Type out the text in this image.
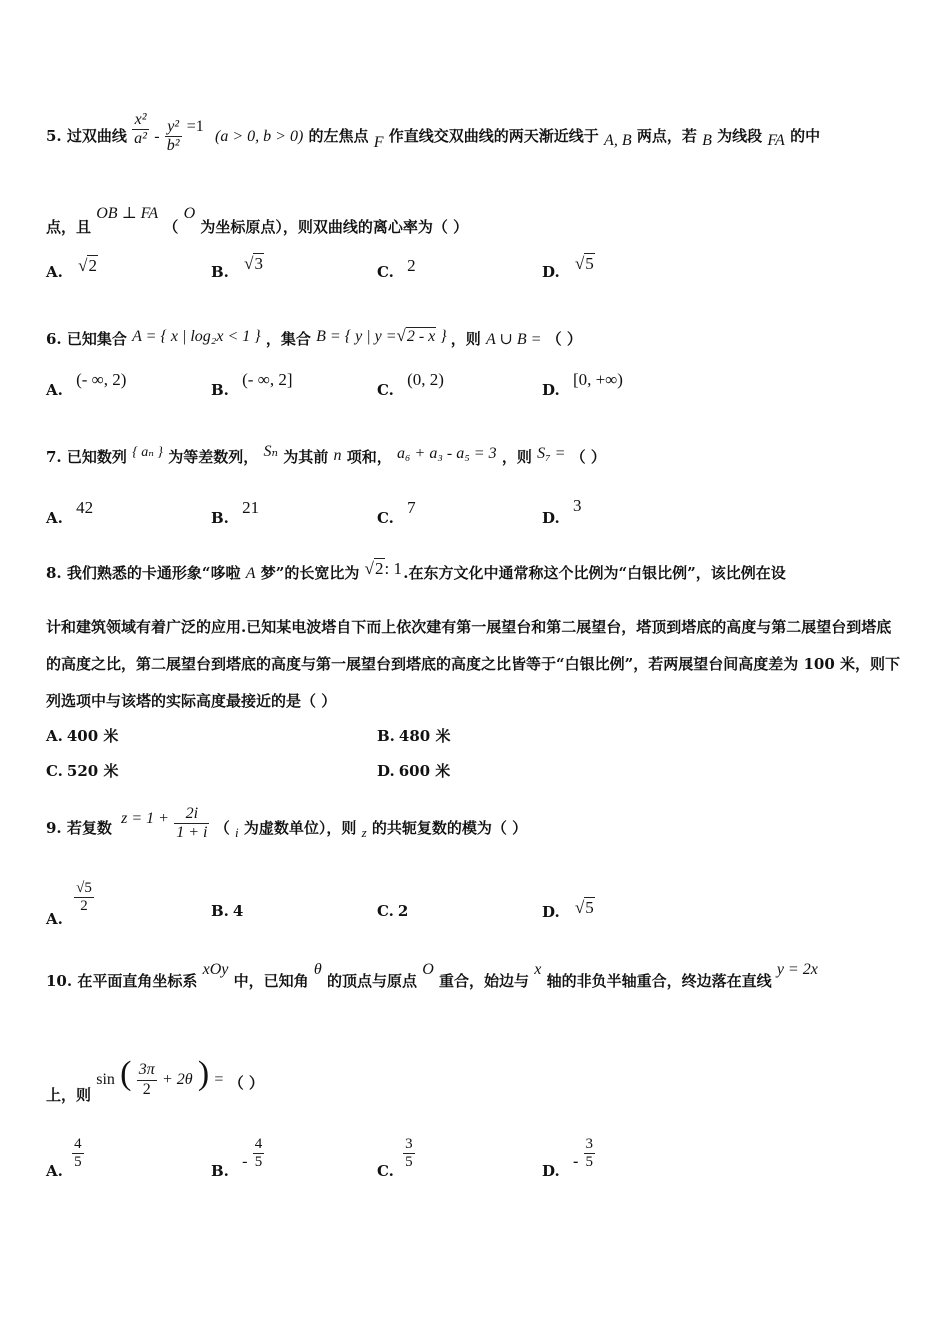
5. 过双曲线 $\frac{\text{x²}}{\text{a²}} - \frac{\text{y²}}{\text{b²}} =1$ (a > 0, b > 0) 的左焦点 F 作直线交双曲线的两天渐近线于 A, B 两点，若 B 为线段 FA 的中
点，且 OB ⊥ FA （ O 为坐标原点），则双曲线的离心率为（ ）
A. √2	B. √3	C. 2	D. √5
6. 已知集合 A = { x | log₂x < 1 } ，集合 B = { y | y =√2 - x } ，则 A ∪ B = （ ）
A. (- ∞, 2)
B. (- ∞, 2]
C. (0, 2)
D. [0, +∞)
7. 已知数列 { aₙ } 为等差数列， Sₙ 为其前 n 项和， a₆ + a₃ - a₅ = 3 ，则 S₇ = （ ）
A. 42
B. 21
C. 7
D. 3
8. 我们熟悉的卡通形象“哆啦 A 梦”的长宽比为 √2: 1 .在东方文化中通常称这个比例为“白银比例”，该比例在设
计和建筑领域有着广泛的应用.已知某电波塔自下而上依次建有第一展望台和第二展望台，塔顶到塔底的高度与第二展望台到塔底的高度之比，第二展望台到塔底的高度与第一展望台到塔底的高度之比皆等于“白银比例”，若两展望台间高度差为 100 米，则下列选项中与该塔的实际高度最接近的是（ ）
A. 400 米	B. 480 米
C. 520 米	D. 600 米
9. 若复数 $z = 1 + \frac{2i}{1 + i}$ （ i 为虚数单位），则 z 的共轭复数的模为（ ）
A.
$\frac{√5}{2}$	B. 4	C. 2	D. √5
10. 在平面直角坐标系 xOy 中，已知角 θ 的顶点与原点 O 重合，始边与 x 轴的非负半轴重合，终边落在直线 y = 2x
上，则 sin ( $\frac{3\pi}{2} + 2\theta$ ) = （ ）
A. $\frac{4}{5}$	B. - $\frac{4}{5}$	C. $\frac{3}{5}$	D. - $\frac{3}{5}$
